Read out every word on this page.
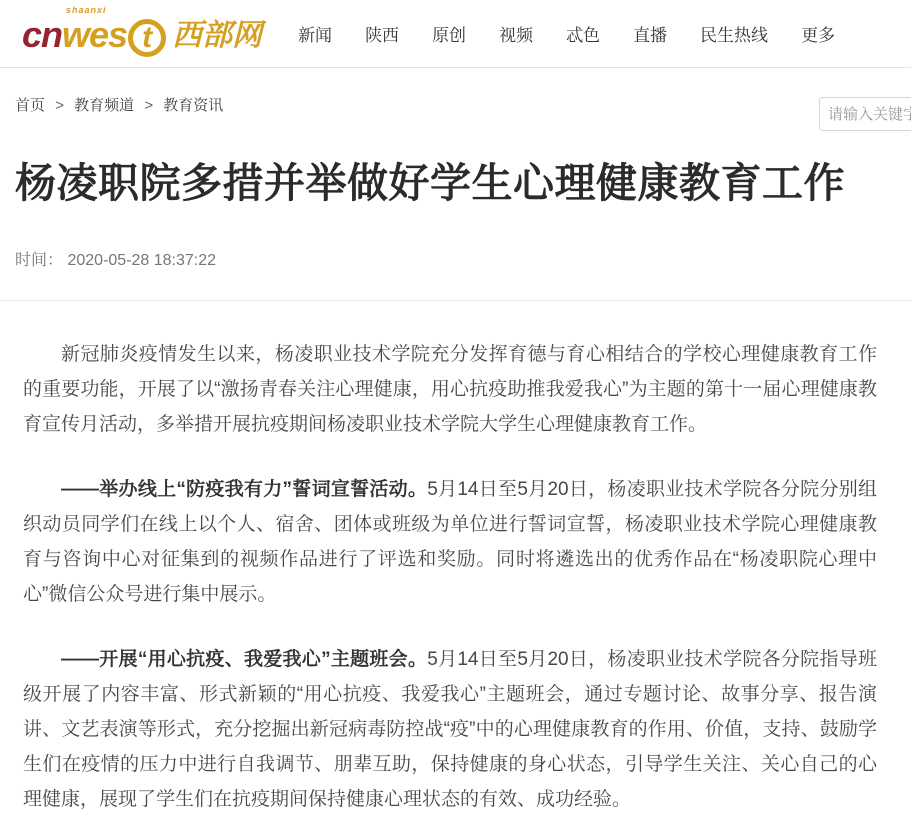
shaanxi
cn wes t 西部网 新闻 陕西 原创 视频 忒色 直播 民生热线 更多
首页 > 教育频道 > 教育资讯
请输入关键字
杨凌职院多措并举做好学生心理健康教育工作
时间： 2020-05-28 18:37:22

新冠肺炎疫情发生以来，杨凌职业技术学院充分发挥育德与育心相结合的学校心理健康教育工作的重要功能，开展了以“激扬青春关注心理健康，用心抗疫助推我爱我心”为主题的第十一届心理健康教育宣传月活动，多举措开展抗疫期间杨凌职业技术学院大学生心理健康教育工作。

——举办线上“防疫我有力”誓词宣誓活动。5月14日至5月20日，杨凌职业技术学院各分院分别组织动员同学们在线上以个人、宿舍、团体或班级为单位进行誓词宣誓，杨凌职业技术学院心理健康教育与咨询中心对征集到的视频作品进行了评选和奖励。同时将遴选出的优秀作品在“杨凌职院心理中心”微信公众号进行集中展示。

——开展“用心抗疫、我爱我心”主题班会。5月14日至5月20日，杨凌职业技术学院各分院指导班级开展了内容丰富、形式新颖的“用心抗疫、我爱我心”主题班会，通过专题讨论、故事分享、报告演讲、文艺表演等形式，充分挖掘出新冠病毒防控战“疫”中的心理健康教育的作用、价值，支持、鼓励学生们在疫情的压力中进行自我调节、朋辈互助，保持健康的身心状态，引导学生关注、关心自己的心理健康，展现了学生们在抗疫期间保持健康心理状态的有效、成功经验。
